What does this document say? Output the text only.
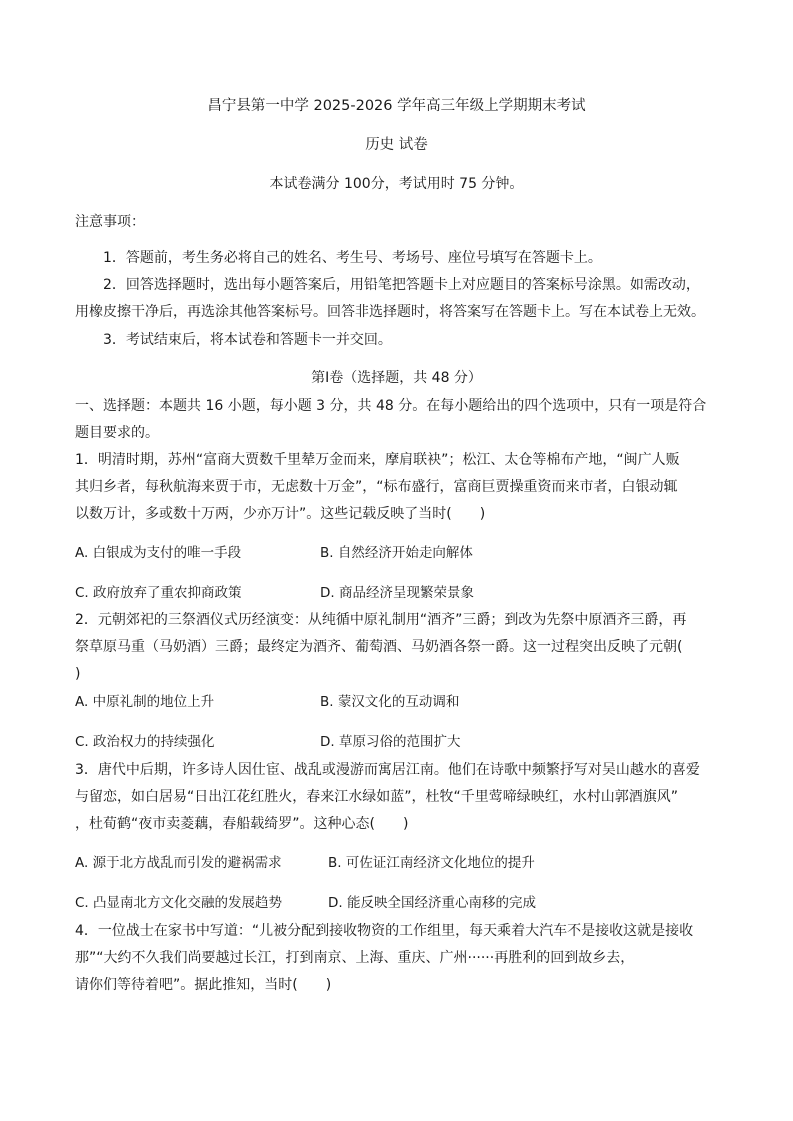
昌宁县第一中学 2025-2026 学年高三年级上学期期末考试
历史 试卷
本试卷满分 100分，考试用时 75 分钟。
注意事项：
1．答题前，考生务必将自己的姓名、考生号、考场号、座位号填写在答题卡上。
2．回答选择题时，选出每小题答案后，用铅笔把答题卡上对应题目的答案标号涂黑。如需改动，
用橡皮擦干净后，再选涂其他答案标号。回答非选择题时，将答案写在答题卡上。写在本试卷上无效。
3．考试结束后，将本试卷和答题卡一并交回。
第Ⅰ卷（选择题，共 48 分）
一、选择题：本题共 16 小题，每小题 3 分，共 48 分。在每小题给出的四个选项中，只有一项是符合
题目要求的。
1．明清时期，苏州“富商大贾数千里辇万金而来，摩肩联袂”；松江、太仓等棉布产地，“闽广人贩
其归乡者，每秋航海来贾于市，无虑数十万金”，“标布盛行，富商巨贾操重资而来市者，白银动辄
以数万计，多或数十万两，少亦万计”。这些记载反映了当时(　　)
A. 白银成为支付的唯一手段	B. 自然经济开始走向解体
C. 政府放弃了重农抑商政策	D. 商品经济呈现繁荣景象
2．元朝郊祀的三祭酒仪式历经演变：从纯循中原礼制用“酒齐”三爵；到改为先祭中原酒齐三爵，再
祭草原马重（马奶酒）三爵；最终定为酒齐、葡萄酒、马奶酒各祭一爵。这一过程突出反映了元朝(
)
A. 中原礼制的地位上升	B. 蒙汉文化的互动调和
C. 政治权力的持续强化	D. 草原习俗的范围扩大
3．唐代中后期，许多诗人因仕宦、战乱或漫游而寓居江南。他们在诗歌中频繁抒写对吴山越水的喜爱
与留恋，如白居易“日出江花红胜火，春来江水绿如蓝”，杜牧“千里莺啼绿映红，水村山郭酒旗风”
，杜荀鹤“夜市卖菱藕，春船载绮罗”。这种心态(　　)
A. 源于北方战乱而引发的避祸需求	B. 可佐证江南经济文化地位的提升
C. 凸显南北方文化交融的发展趋势	D. 能反映全国经济重心南移的完成
4．一位战士在家书中写道：“儿被分配到接收物资的工作组里，每天乘着大汽车不是接收这就是接收
那”“大约不久我们尚要越过长江，打到南京、上海、重庆、广州······再胜利的回到故乡去，
请你们等待着吧”。据此推知，当时(　　)
